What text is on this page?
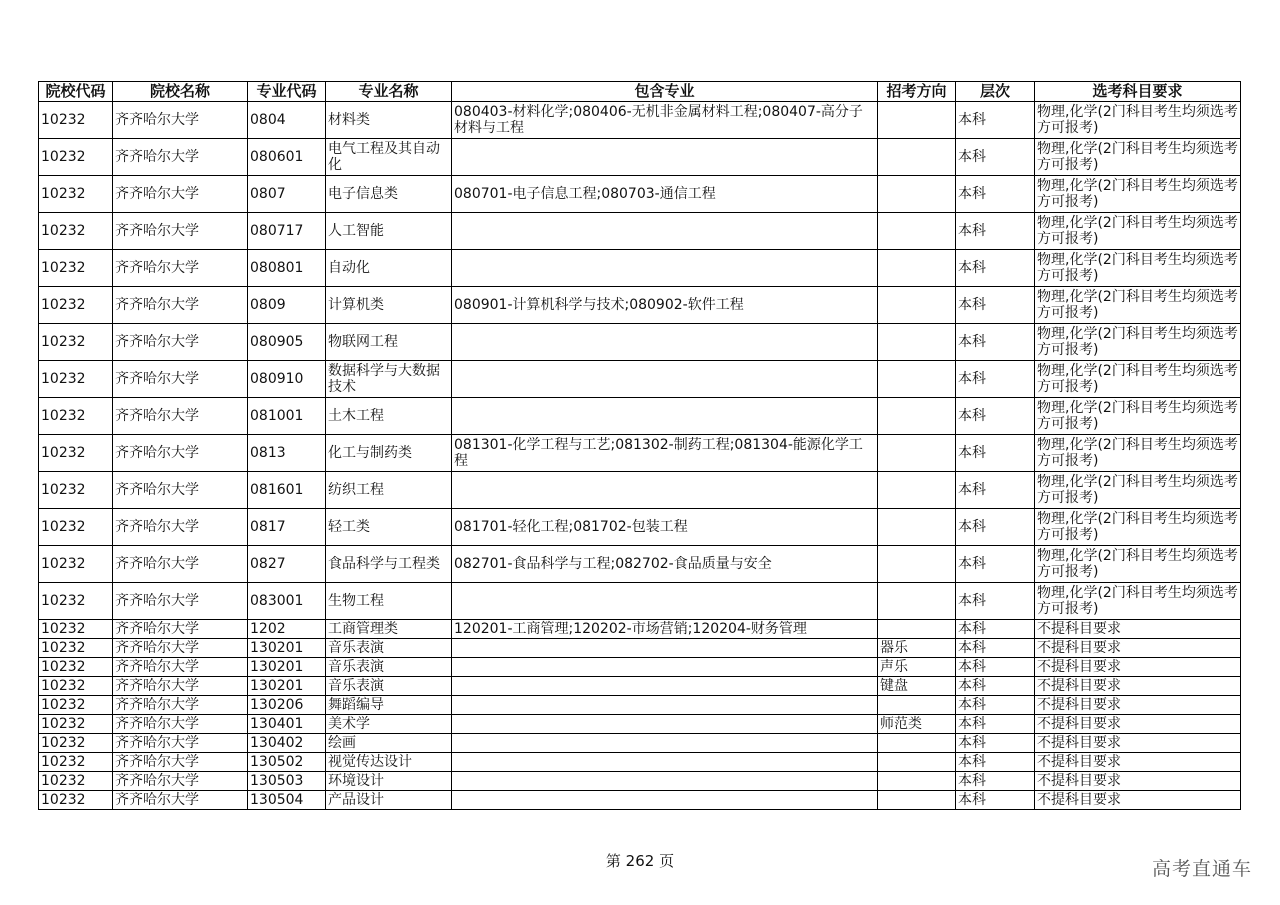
院校代码	院校名称	专业代码	专业名称	包含专业	招考方向	层次	选考科目要求
10232	齐齐哈尔大学	0804	材料类	080403-材料化学;080406-无机非金属材料工程;080407-高分子材料与工程		本科	物理,化学(2门科目考生均须选考方可报考)
10232	齐齐哈尔大学	080601	电气工程及其自动化			本科	物理,化学(2门科目考生均须选考方可报考)
10232	齐齐哈尔大学	0807	电子信息类	080701-电子信息工程;080703-通信工程		本科	物理,化学(2门科目考生均须选考方可报考)
10232	齐齐哈尔大学	080717	人工智能			本科	物理,化学(2门科目考生均须选考方可报考)
10232	齐齐哈尔大学	080801	自动化			本科	物理,化学(2门科目考生均须选考方可报考)
10232	齐齐哈尔大学	0809	计算机类	080901-计算机科学与技术;080902-软件工程		本科	物理,化学(2门科目考生均须选考方可报考)
10232	齐齐哈尔大学	080905	物联网工程			本科	物理,化学(2门科目考生均须选考方可报考)
10232	齐齐哈尔大学	080910	数据科学与大数据技术			本科	物理,化学(2门科目考生均须选考方可报考)
10232	齐齐哈尔大学	081001	土木工程			本科	物理,化学(2门科目考生均须选考方可报考)
10232	齐齐哈尔大学	0813	化工与制药类	081301-化学工程与工艺;081302-制药工程;081304-能源化学工程		本科	物理,化学(2门科目考生均须选考方可报考)
10232	齐齐哈尔大学	081601	纺织工程			本科	物理,化学(2门科目考生均须选考方可报考)
10232	齐齐哈尔大学	0817	轻工类	081701-轻化工程;081702-包装工程		本科	物理,化学(2门科目考生均须选考方可报考)
10232	齐齐哈尔大学	0827	食品科学与工程类	082701-食品科学与工程;082702-食品质量与安全		本科	物理,化学(2门科目考生均须选考方可报考)
10232	齐齐哈尔大学	083001	生物工程			本科	物理,化学(2门科目考生均须选考方可报考)
10232	齐齐哈尔大学	1202	工商管理类	120201-工商管理;120202-市场营销;120204-财务管理		本科	不提科目要求
10232	齐齐哈尔大学	130201	音乐表演		器乐	本科	不提科目要求
10232	齐齐哈尔大学	130201	音乐表演		声乐	本科	不提科目要求
10232	齐齐哈尔大学	130201	音乐表演		键盘	本科	不提科目要求
10232	齐齐哈尔大学	130206	舞蹈编导			本科	不提科目要求
10232	齐齐哈尔大学	130401	美术学		师范类	本科	不提科目要求
10232	齐齐哈尔大学	130402	绘画			本科	不提科目要求
10232	齐齐哈尔大学	130502	视觉传达设计			本科	不提科目要求
10232	齐齐哈尔大学	130503	环境设计			本科	不提科目要求
10232	齐齐哈尔大学	130504	产品设计			本科	不提科目要求
第 262 页	高考直通车
